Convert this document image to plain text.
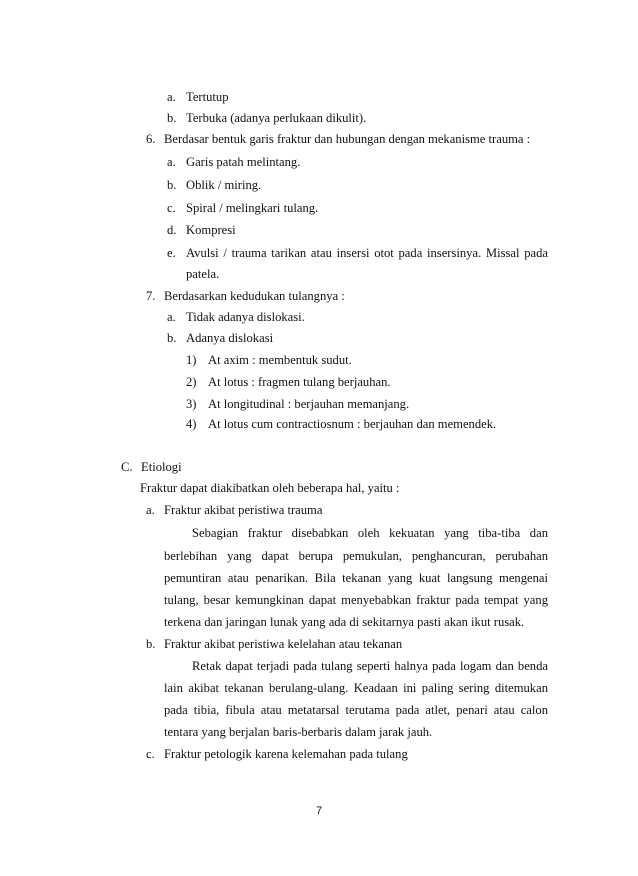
a. Tertutup
b. Terbuka (adanya perlukaan dikulit).
6. Berdasar bentuk garis fraktur dan hubungan dengan mekanisme trauma :
a. Garis patah melintang.
b. Oblik / miring.
c. Spiral / melingkari tulang.
d. Kompresi
e. Avulsi / trauma tarikan atau insersi otot pada insersinya. Missal pada
patela.
7. Berdasarkan kedudukan tulangnya :
a. Tidak adanya dislokasi.
b. Adanya dislokasi
1) At axim : membentuk sudut.
2) At lotus : fragmen tulang berjauhan.
3) At longitudinal : berjauhan memanjang.
4) At lotus cum contractiosnum : berjauhan dan memendek.
C. Etiologi
Fraktur dapat diakibatkan oleh beberapa hal, yaitu :
a. Fraktur akibat peristiwa trauma
Sebagian fraktur disebabkan oleh kekuatan yang tiba-tiba dan
berlebihan yang dapat berupa pemukulan, penghancuran, perubahan
pemuntiran atau penarikan. Bila tekanan yang kuat langsung mengenai
tulang, besar kemungkinan dapat menyebabkan fraktur pada tempat yang
terkena dan jaringan lunak yang ada di sekitarnya pasti akan ikut rusak.
b. Fraktur akibat peristiwa kelelahan atau tekanan
Retak dapat terjadi pada tulang seperti halnya pada logam dan benda
lain akibat tekanan berulang-ulang. Keadaan ini paling sering ditemukan
pada tibia, fibula atau metatarsal terutama pada atlet, penari atau calon
tentara yang berjalan baris-berbaris dalam jarak jauh.
c. Fraktur petologik karena kelemahan pada tulang
7
